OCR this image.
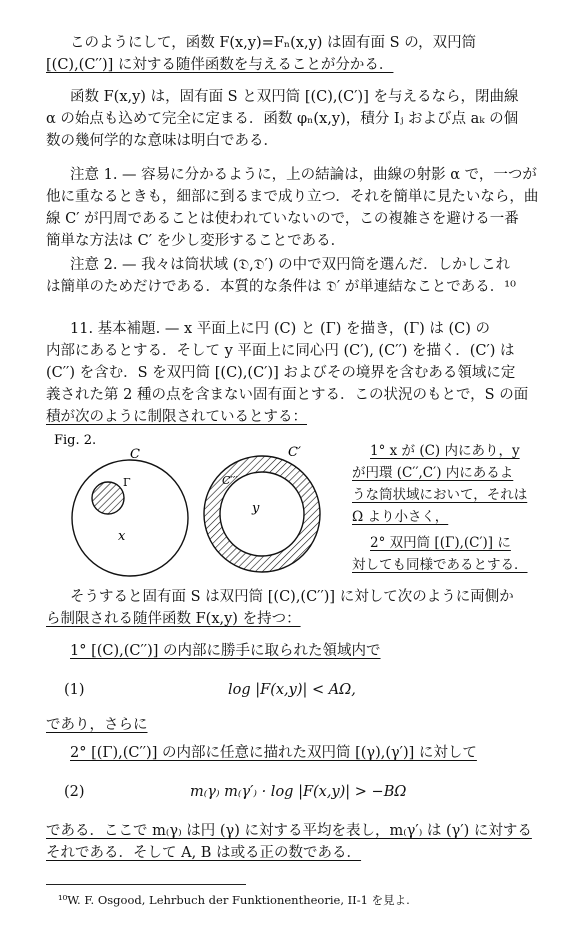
このようにして，函数 F(x,y)=Fₙ(x,y) は固有面 S の，双円筒
[(C),(C′′)] に対する随伴函数を与えることが分かる．
函数 F(x,y) は，固有面 S と双円筒 [(C),(C′)] を与えるなら，閉曲線
α の始点も込めて完全に定まる．函数 φₙ(x,y)，積分 Iⱼ および点 aₖ の個
数の幾何学的な意味は明白である．
注意 1. — 容易に分かるように，上の結論は，曲線の射影 α で，一つが
他に重なるときも，細部に到るまで成り立つ．それを簡単に見たいなら，曲
線 C′ が円周であることは使われていないので，この複雑さを避ける一番
簡単な方法は C′ を少し変形することである．
注意 2. — 我々は筒状域 (𝔇,𝔇′) の中で双円筒を選んだ．しかしこれ
は簡単のためだけである．本質的な条件は 𝔇′ が単連結なことである．¹⁰
11. 基本補題. — x 平面上に円 (C) と (Γ) を描き，(Γ) は (C) の
内部にあるとする．そして y 平面上に同心円 (C′), (C′′) を描く．(C′) は
(C′′) を含む．S を双円筒 [(C),(C′)] およびその境界を含むある領域に定
義された第 2 種の点を含まない固有面とする．この状況のもとで，S の面
積が次のように制限されているとする：
Fig. 2.
C
Γ
x
C′
C′′′
y
1° x が (C) 内にあり，y
が円環 (C′′,C′) 内にあるよ
うな筒状域において，それは
Ω より小さく，
2° 双円筒 [(Γ),(C′)] に
対しても同様であるとする．
そうすると固有面 S は双円筒 [(C),(C′′)] に対して次のように両側か
ら制限される随伴函数 F(x,y) を持つ：
1° [(C),(C′′)] の内部に勝手に取られた領域内で
(1)	log |F(x,y)| < AΩ,
であり，さらに
2° [(Γ),(C′′)] の内部に任意に描れた双円筒 [(γ),(γ′)] に対して
(2)	m₍γ₎ m₍γ′₎ · log |F(x,y)| > −BΩ
である．ここで m₍γ₎ は円 (γ) に対する平均を表し，m₍γ′₎ は (γ′) に対する
それである．そして A, B は或る正の数である．
¹⁰W. F. Osgood, Lehrbuch der Funktionentheorie, II-1 を見よ.
